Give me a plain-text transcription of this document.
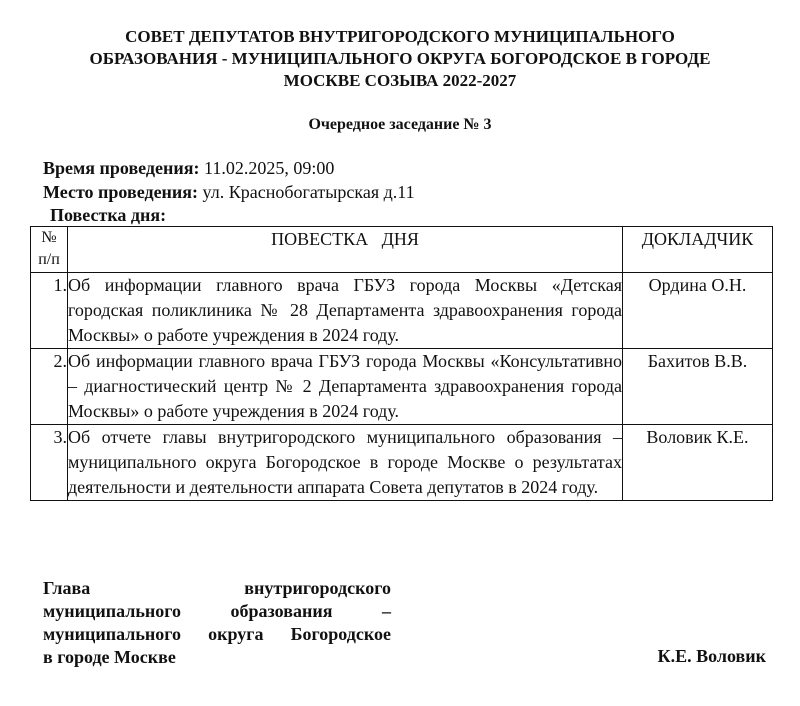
СОВЕТ ДЕПУТАТОВ ВНУТРИГОРОДСКОГО МУНИЦИПАЛЬНОГО
ОБРАЗОВАНИЯ - МУНИЦИПАЛЬНОГО ОКРУГА БОГОРОДСКОЕ В ГОРОДЕ
МОСКВЕ СОЗЫВА 2022-2027
Очередное заседание № 3
Время проведения: 11.02.2025, 09:00
Место проведения: ул. Краснобогатырская д.11
Повестка дня:
№
п/п	ПОВЕСТКА   ДНЯ	ДОКЛАДЧИК
1.	Об информации главного врача ГБУЗ города Москвы «Детская городская поликлиника № 28 Департамента здравоохранения города Москвы» о работе учреждения в 2024 году.	Ордина О.Н.
2.	Об информации главного врача ГБУЗ города Москвы «Консультативно – диагностический центр № 2 Департамента здравоохранения города Москвы» о работе учреждения в 2024 году.	Бахитов В.В.
3.	Об отчете главы внутригородского муниципального образования – муниципального округа Богородское в городе Москве о результатах деятельности и деятельности аппарата Совета депутатов в 2024 году.	Воловик К.Е.
Глава внутригородского
муниципального образования –
муниципального округа Богородское
в городе Москве	К.Е. Воловик
